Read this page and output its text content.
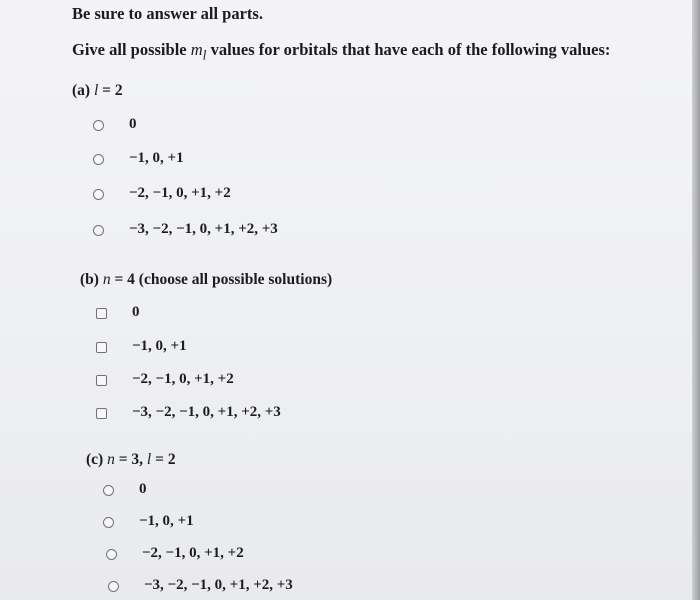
Be sure to answer all parts.
Give all possible $m_l$ values for orbitals that have each of the following values:
(a) l = 2
0
−1, 0, +1
−2, −1, 0, +1, +2
−3, −2, −1, 0, +1, +2, +3
(b) n = 4 (choose all possible solutions)
0
−1, 0, +1
−2, −1, 0, +1, +2
−3, −2, −1, 0, +1, +2, +3
(c) n = 3, l = 2
0
−1, 0, +1
−2, −1, 0, +1, +2
−3, −2, −1, 0, +1, +2, +3
